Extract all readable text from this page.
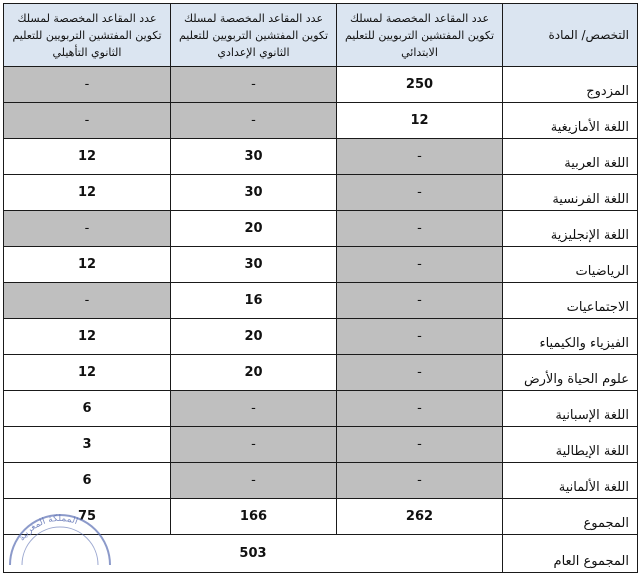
عدد المقاعد المخصصة لمسلك تكوين المفتشين التربويين للتعليم الثانوي التأهيلي	عدد المقاعد المخصصة لمسلك تكوين المفتشين التربويين للتعليم الثانوي الإعدادي	عدد المقاعد المخصصة لمسلك تكوين المفتشين التربويين للتعليم الابتدائي	التخصص/ المادة
-	-	250	المزدوج
-	-	12	اللغة الأمازيغية
12	30	-	اللغة العربية
12	30	-	اللغة الفرنسية
-	20	-	اللغة الإنجليزية
12	30	-	الرياضيات
-	16	-	الاجتماعيات
12	20	-	الفيزياء والكيمياء
12	20	-	علوم الحياة والأرض
6	-	-	اللغة الإسبانية
3	-	-	اللغة الإيطالية
6	-	-	اللغة الألمانية
75	166	262	المجموع
503			المجموع العام
المملكة المغربية
